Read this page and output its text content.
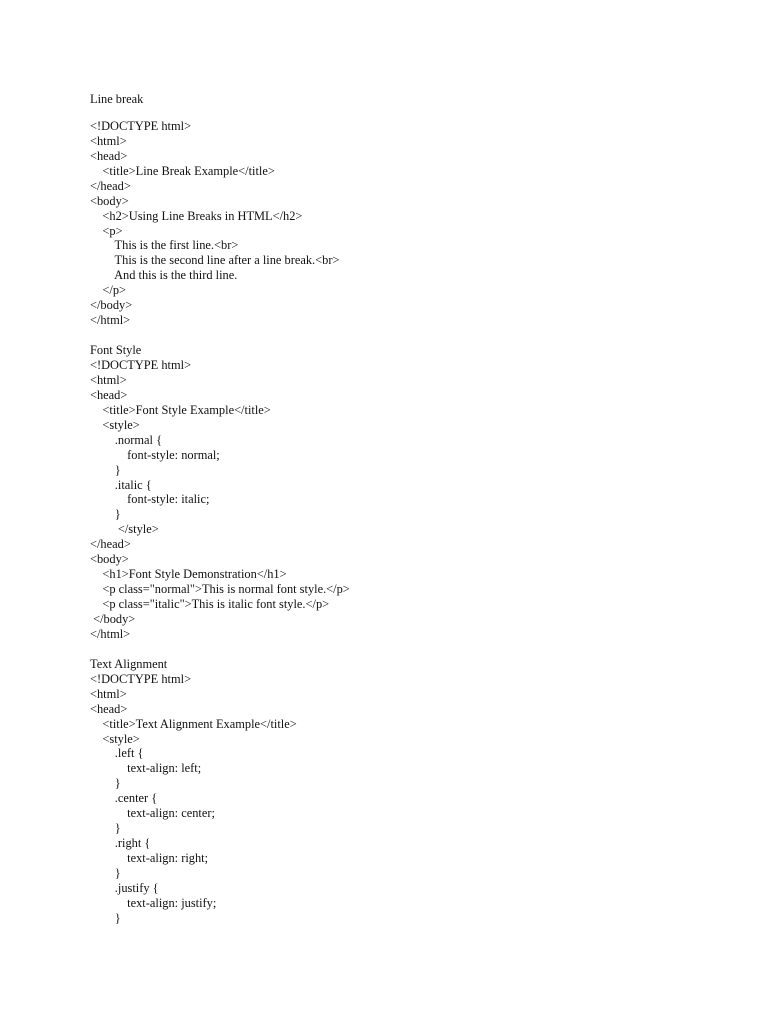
Line break
<!DOCTYPE html>
<html>
<head>
<title>Line Break Example</title>
</head>
<body>
<h2>Using Line Breaks in HTML</h2>
<p>
This is the first line.<br>
This is the second line after a line break.<br>
And this is the third line.
</p>
</body>
</html>
Font Style
<!DOCTYPE html>
<html>
<head>
<title>Font Style Example</title>
<style>
.normal {
font-style: normal;
}
.italic {
font-style: italic;
}
</style>
</head>
<body>
<h1>Font Style Demonstration</h1>
<p class="normal">This is normal font style.</p>
<p class="italic">This is italic font style.</p>
</body>
</html>
Text Alignment
<!DOCTYPE html>
<html>
<head>
<title>Text Alignment Example</title>
<style>
.left {
text-align: left;
}
.center {
text-align: center;
}
.right {
text-align: right;
}
.justify {
text-align: justify;
}
